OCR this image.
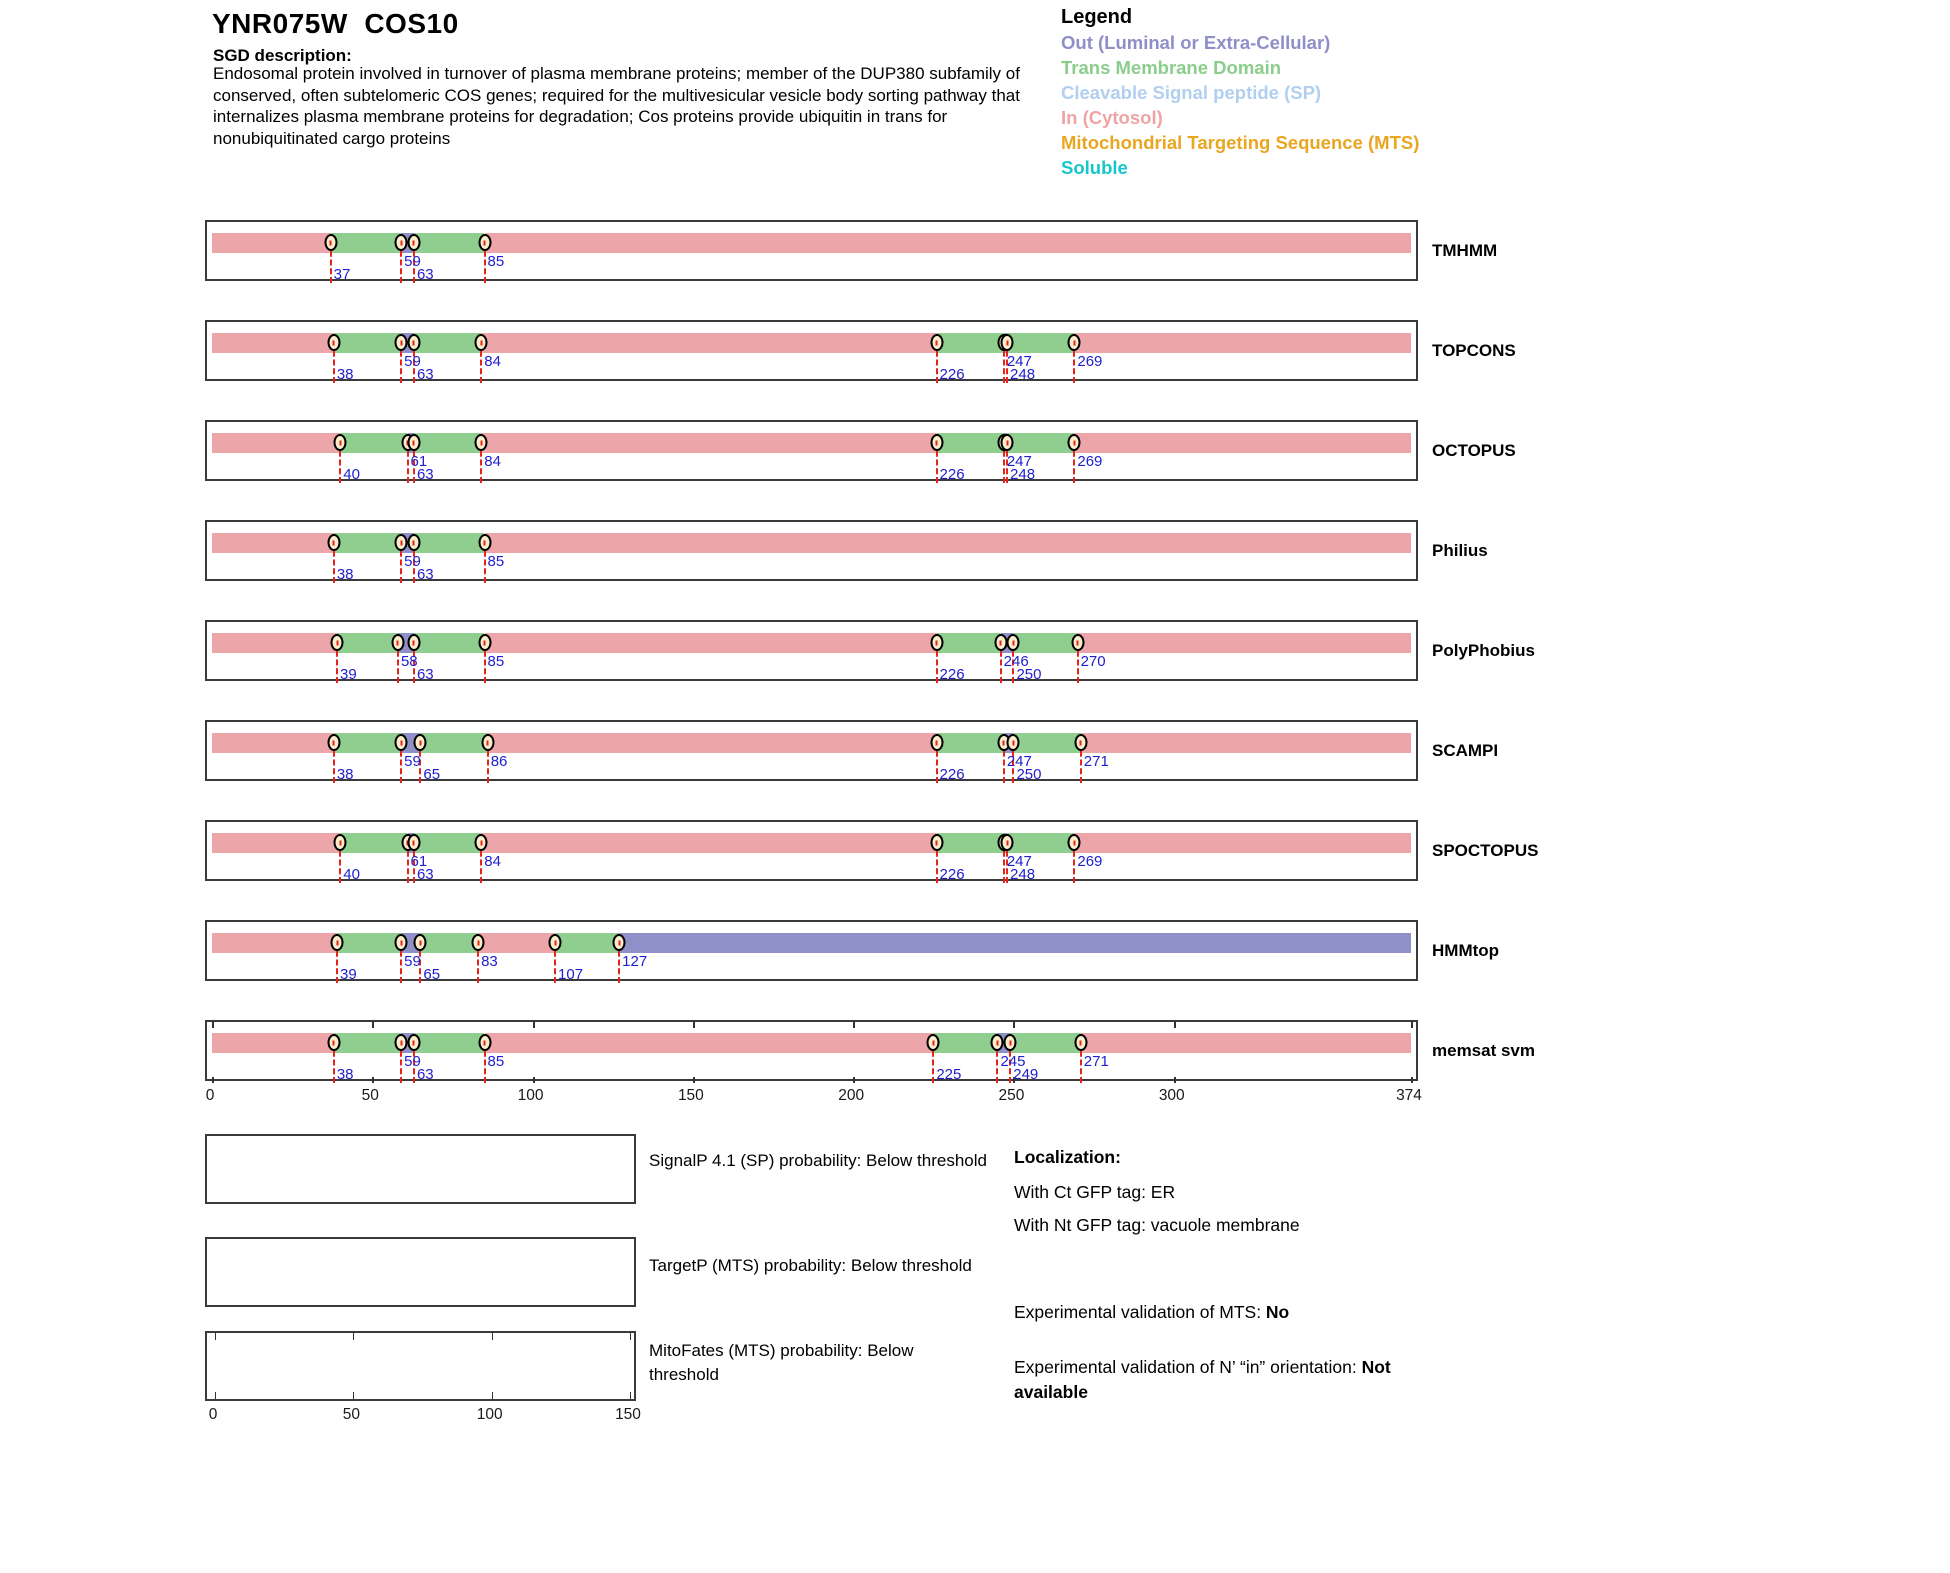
YNR075W  COS10
SGD description:
Endosomal protein involved in turnover of plasma membrane proteins; member of the DUP380 subfamily of conserved, often subtelomeric COS genes; required for the multivesicular vesicle body sorting pathway that internalizes plasma membrane proteins for degradation; Cos proteins provide ubiquitin in trans for nonubiquitinated cargo proteins
Legend
Out (Luminal or Extra-Cellular)
Trans Membrane Domain
Cleavable Signal peptide (SP)
In (Cytosol)
Mitochondrial Targeting Sequence (MTS)
Soluble
37
59
63
85
38
59
63
84
226
247
248
269
40
61
63
84
226
247
248
269
38
59
63
85
39
58
63
85
226
246
250
270
38
59
65
86
226
247
250
271
40
61
63
84
226
247
248
269
39
59
65
83
107
127
38
59
63
85
225
245
249
271
0	50	100	150	200	250	300	374
SignalP 4.1 (SP) probability: Below threshold
TargetP (MTS) probability: Below threshold
0	50	100	150
MitoFates (MTS) probability: Below threshold
Localization:
With Ct GFP tag: ER
With Nt GFP tag: vacuole membrane
Experimental validation of MTS: No
Experimental validation of N’ “in” orientation: Not available
TMHMM
TOPCONS
OCTOPUS
Philius
PolyPhobius
SCAMPI
SPOCTOPUS
HMMtop
memsat svm
